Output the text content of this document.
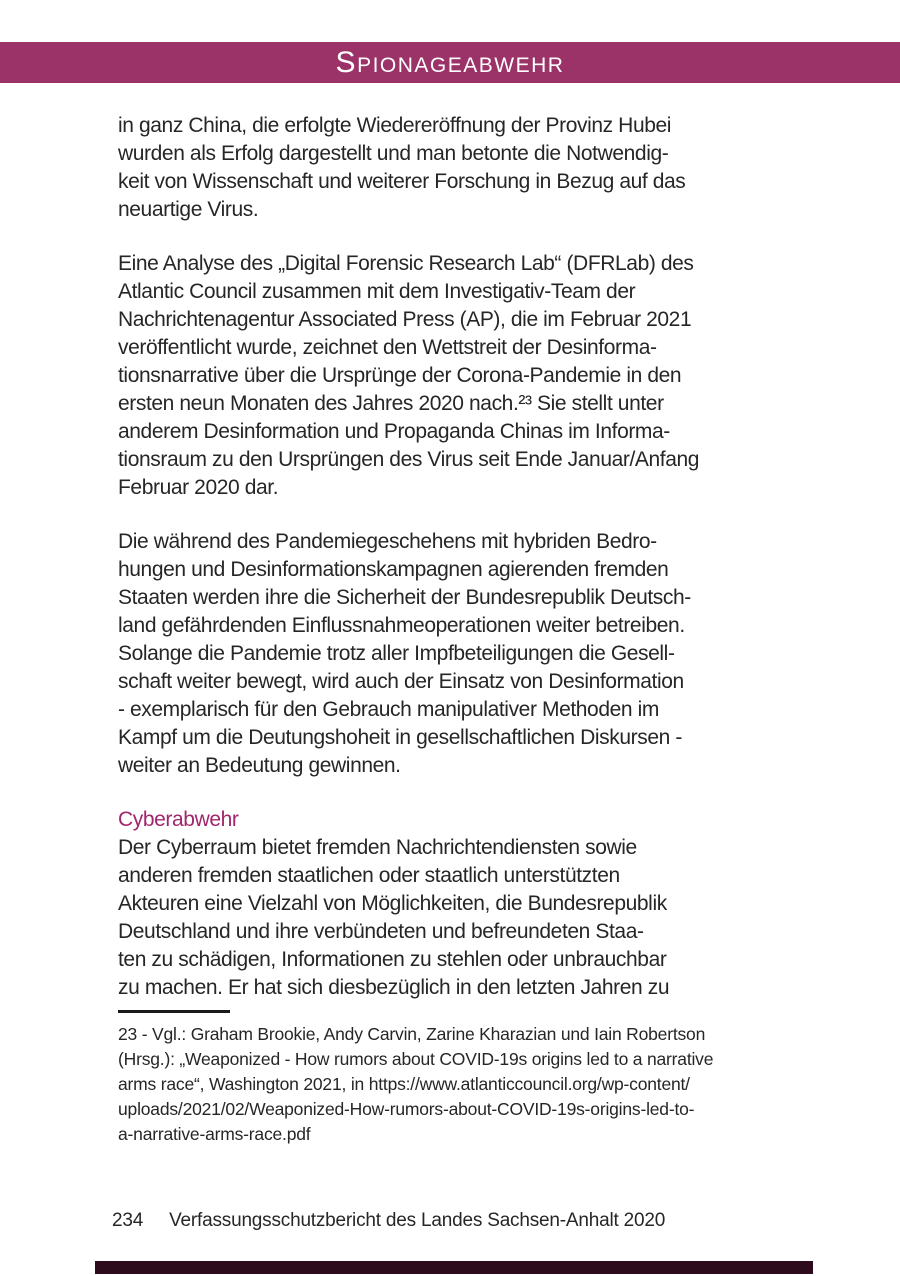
S PIONAGEABWEHR
in ganz China, die erfolgte Wiedereröffnung der Provinz Hubei
wurden als Erfolg dargestellt und man betonte die Notwendig-
keit von Wissenschaft und weiterer Forschung in Bezug auf das
neuartige Virus.
Eine Analyse des „Digital Forensic Research Lab“ (DFRLab) des
Atlantic Council zusammen mit dem Investigativ-Team der
Nachrichtenagentur Associated Press (AP), die im Februar 2021
veröffentlicht wurde, zeichnet den Wettstreit der Desinforma-
tionsnarrative über die Ursprünge der Corona-Pandemie in den
ersten neun Monaten des Jahres 2020 nach.²³ Sie stellt unter
anderem Desinformation und Propaganda Chinas im Informa-
tionsraum zu den Ursprüngen des Virus seit Ende Januar/Anfang
Februar 2020 dar.
Die während des Pandemiegeschehens mit hybriden Bedro-
hungen und Desinformationskampagnen agierenden fremden
Staaten werden ihre die Sicherheit der Bundesrepublik Deutsch-
land gefährdenden Einflussnahmeoperationen weiter betreiben.
Solange die Pandemie trotz aller Impfbeteiligungen die Gesell-
schaft weiter bewegt, wird auch der Einsatz von Desinformation
- exemplarisch für den Gebrauch manipulativer Methoden im
Kampf um die Deutungshoheit in gesellschaftlichen Diskursen -
weiter an Bedeutung gewinnen.
Cyberabwehr
Der Cyberraum bietet fremden Nachrichtendiensten sowie
anderen fremden staatlichen oder staatlich unterstützten
Akteuren eine Vielzahl von Möglichkeiten, die Bundesrepublik
Deutschland und ihre verbündeten und befreundeten Staa-
ten zu schädigen, Informationen zu stehlen oder unbrauchbar
zu machen. Er hat sich diesbezüglich in den letzten Jahren zu
23 - Vgl.: Graham Brookie, Andy Carvin, Zarine Kharazian und Iain Robertson
(Hrsg.): „Weaponized - How rumors about COVID-19s origins led to a narrative
arms race“, Washington 2021, in https://www.atlanticcouncil.org/wp-content/
uploads/2021/02/Weaponized-How-rumors-about-COVID-19s-origins-led-to-
a-narrative-arms-race.pdf
234 Verfassungsschutzbericht des Landes Sachsen-Anhalt 2020
